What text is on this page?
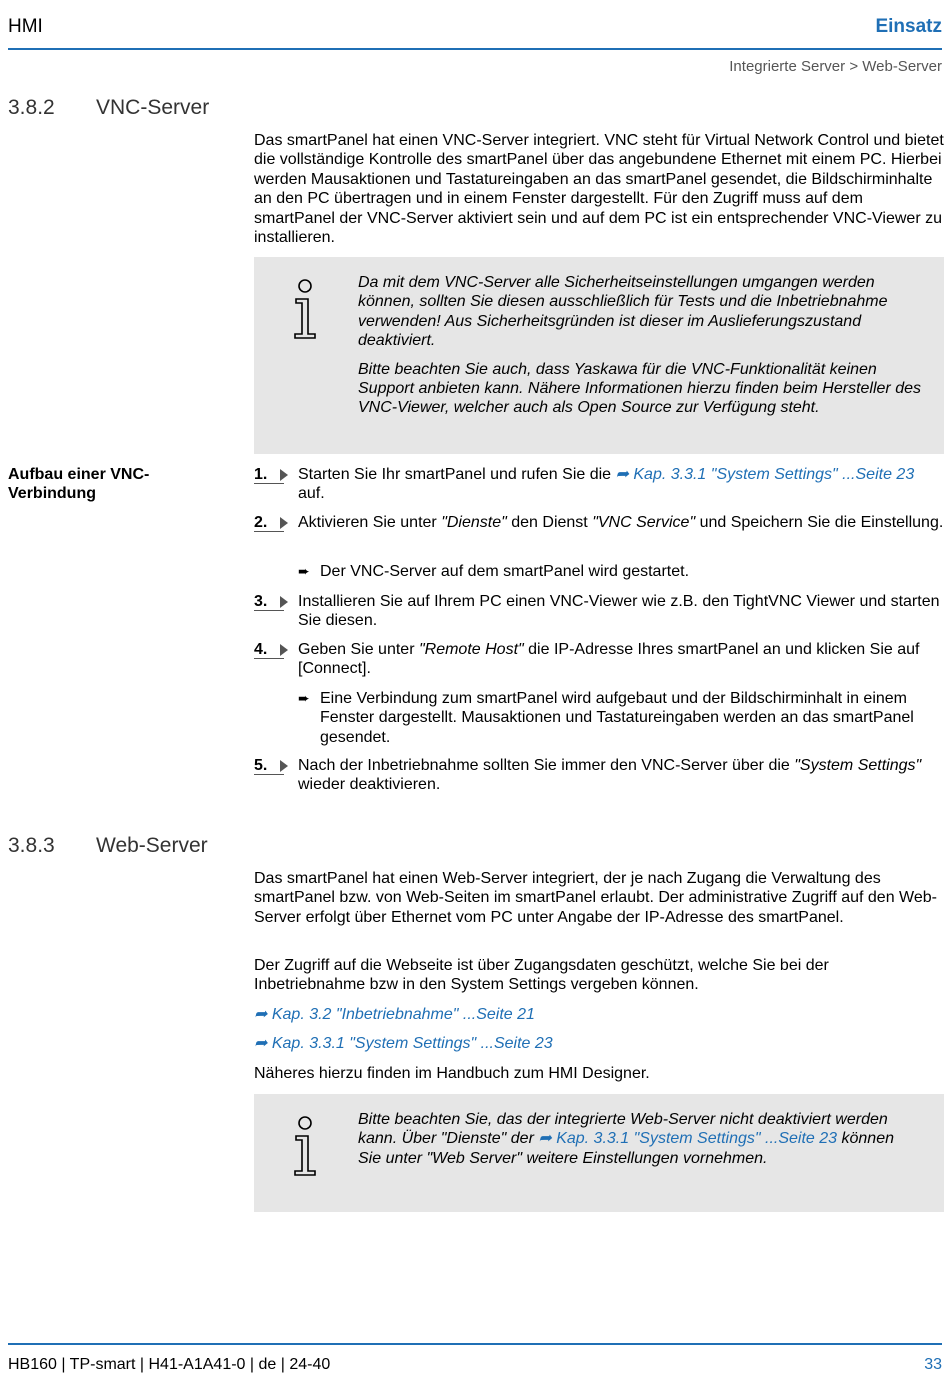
HMI	Einsatz
Integrierte Server > Web-Server
3.8.2 VNC-Server

Das smartPanel hat einen VNC-Server integriert. VNC steht für Virtual Network Control und bietet die vollständige Kontrolle des smartPanel über das angebundene Ethernet mit einem PC. Hierbei werden Mausaktionen und Tastatureingaben an das smartPanel gesendet, die Bildschirminhalte an den PC übertragen und in einem Fenster dargestellt. Für den Zugriff muss auf dem smartPanel der VNC-Server aktiviert sein und auf dem PC ist ein entsprechender VNC-Viewer zu installieren.

Da mit dem VNC-Server alle Sicherheitseinstellungen umgangen werden können, sollten Sie diesen ausschließlich für Tests und die Inbetriebnahme verwenden! Aus Sicherheitsgründen ist dieser im Auslieferungszustand deaktiviert.

Bitte beachten Sie auch, dass Yaskawa für die VNC-Funktionalität keinen Support anbieten kann. Nähere Informationen hierzu finden beim Hersteller des VNC-Viewer, welcher auch als Open Source zur Verfügung steht.

Aufbau einer VNC-Verbindung
1.	Starten Sie Ihr smartPanel und rufen Sie die ➦ Kap. 3.3.1 "System Settings" ...Seite 23 auf.
2.	Aktivieren Sie unter "Dienste" den Dienst "VNC Service" und Speichern Sie die Einstellung.
➨ Der VNC-Server auf dem smartPanel wird gestartet.
3.	Installieren Sie auf Ihrem PC einen VNC-Viewer wie z.B. den TightVNC Viewer und starten Sie diesen.
4.	Geben Sie unter "Remote Host" die IP-Adresse Ihres smartPanel an und klicken Sie auf [Connect].
➨ Eine Verbindung zum smartPanel wird aufgebaut und der Bildschirminhalt in einem Fenster dargestellt. Mausaktionen und Tastatureingaben werden an das smartPanel gesendet.
5.	Nach der Inbetriebnahme sollten Sie immer den VNC-Server über die "System Settings" wieder deaktivieren.
3.8.3 Web-Server

Das smartPanel hat einen Web-Server integriert, der je nach Zugang die Verwaltung des smartPanel bzw. von Web-Seiten im smartPanel erlaubt. Der administrative Zugriff auf den Web-Server erfolgt über Ethernet vom PC unter Angabe der IP-Adresse des smartPanel.

Der Zugriff auf die Webseite ist über Zugangsdaten geschützt, welche Sie bei der Inbetriebnahme bzw in den System Settings vergeben können.

➦ Kap. 3.2 "Inbetriebnahme" ...Seite 21

➦ Kap. 3.3.1 "System Settings" ...Seite 23

Näheres hierzu finden im Handbuch zum HMI Designer.

Bitte beachten Sie, das der integrierte Web-Server nicht deaktiviert werden kann. Über "Dienste" der ➦ Kap. 3.3.1 "System Settings" ...Seite 23 können Sie unter "Web Server" weitere Einstellungen vornehmen.
HB160 | TP-smart | H41-A1A41-0 | de | 24-40	33
